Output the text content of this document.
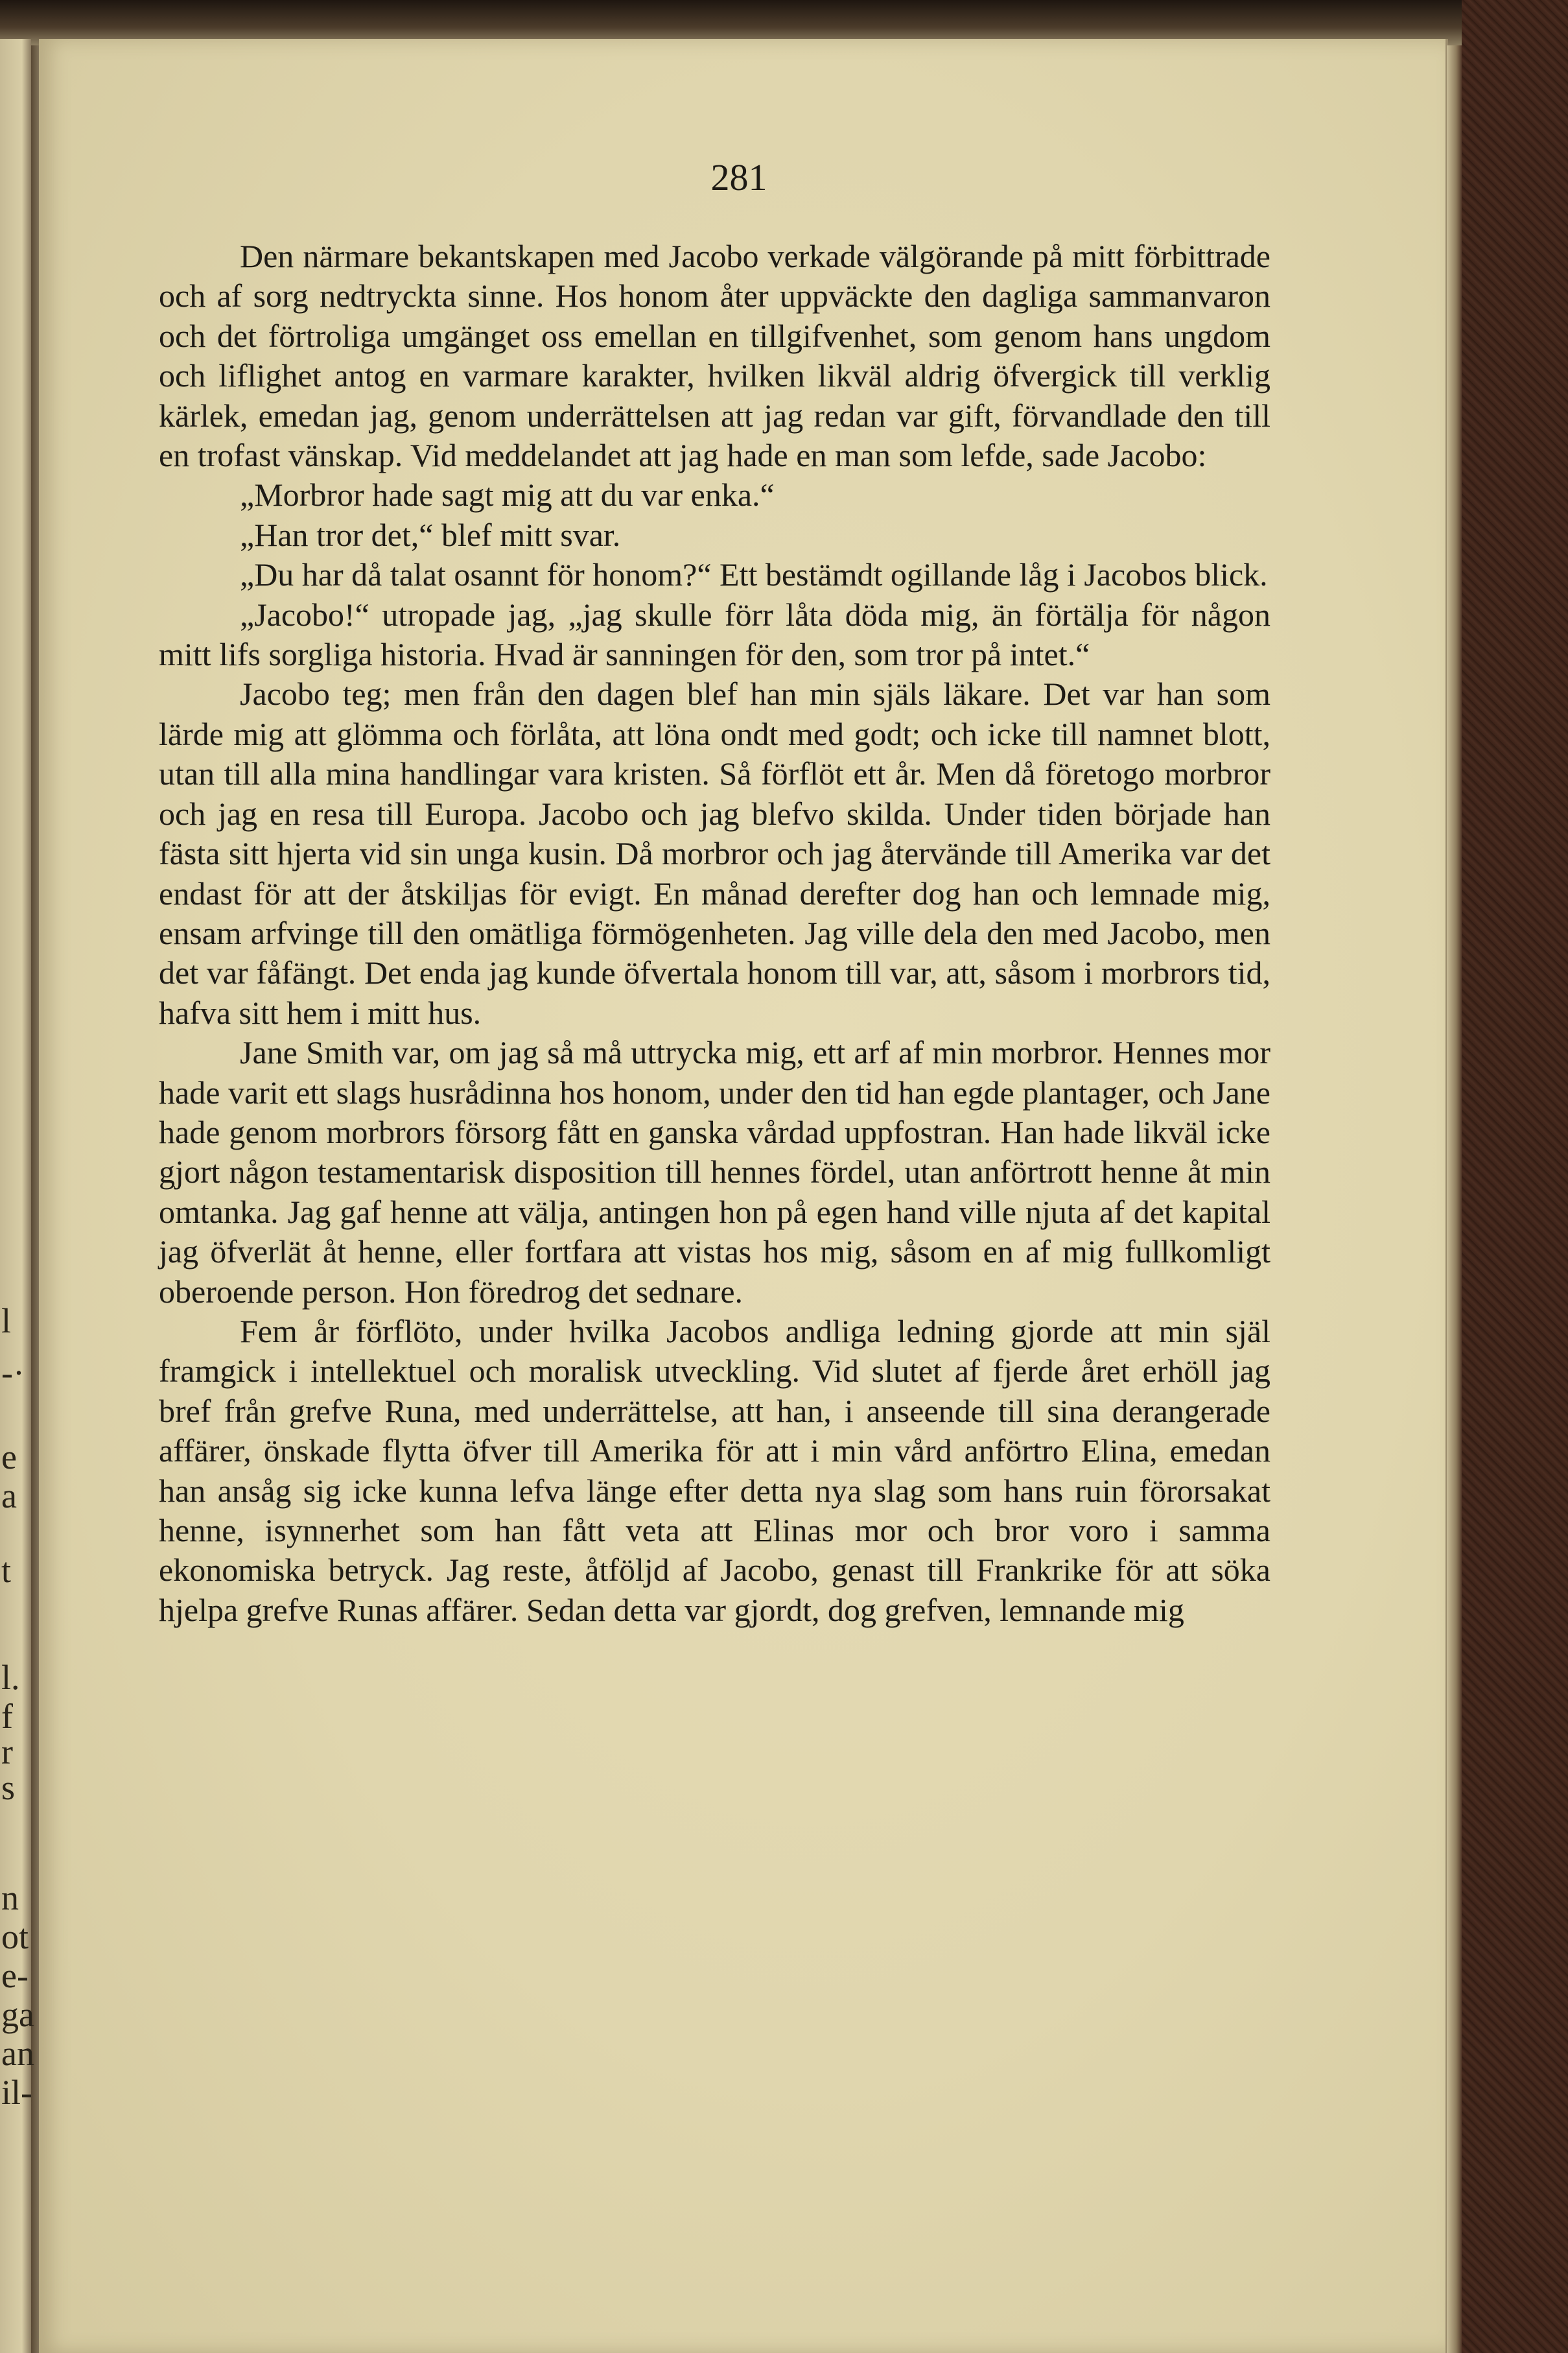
l
-·
e
a
t
l.
f
r
s
n
ot
e-
ga
an
il-
281

Den närmare bekantskapen med Jacobo verkade välgörande på mitt förbittrade och af sorg nedtryckta sinne. Hos honom åter uppväckte den dagliga sammanvaron och det förtroliga umgänget oss emellan en tillgifvenhet, som genom hans ungdom och liflighet antog en varmare karakter, hvilken likväl aldrig öfvergick till verklig kärlek, emedan jag, genom underrättelsen att jag redan var gift, förvandlade den till en trofast vänskap. Vid meddelandet att jag hade en man som lefde, sade Jacobo:

„Morbror hade sagt mig att du var enka.“

„Han tror det,“ blef mitt svar.

„Du har då talat osannt för honom?“ Ett bestämdt ogillande låg i Jacobos blick.

„Jacobo!“ utropade jag, „jag skulle förr låta döda mig, än förtälja för någon mitt lifs sorgliga historia. Hvad är sanningen för den, som tror på intet.“

Jacobo teg; men från den dagen blef han min själs läkare. Det var han som lärde mig att glömma och förlåta, att löna ondt med godt; och icke till namnet blott, utan till alla mina handlingar vara kristen. Så förflöt ett år. Men då företogo morbror och jag en resa till Europa. Jacobo och jag blefvo skilda. Under tiden började han fästa sitt hjerta vid sin unga kusin. Då morbror och jag återvände till Amerika var det endast för att der åtskiljas för evigt. En månad derefter dog han och lemnade mig, ensam arfvinge till den omätliga förmögenheten. Jag ville dela den med Jacobo, men det var fåfängt. Det enda jag kunde öfvertala honom till var, att, såsom i morbrors tid, hafva sitt hem i mitt hus.

Jane Smith var, om jag så må uttrycka mig, ett arf af min morbror. Hennes mor hade varit ett slags husrådinna hos honom, under den tid han egde plantager, och Jane hade genom morbrors försorg fått en ganska vårdad uppfostran. Han hade likväl icke gjort någon testamentarisk disposition till hennes fördel, utan anförtrott henne åt min omtanka. Jag gaf henne att välja, antingen hon på egen hand ville njuta af det kapital jag öfverlät åt henne, eller fortfara att vistas hos mig, såsom en af mig fullkomligt oberoende person. Hon föredrog det sednare.

Fem år förflöto, under hvilka Jacobos andliga ledning gjorde att min själ framgick i intellektuel och moralisk utveckling. Vid slutet af fjerde året erhöll jag bref från grefve Runa, med underrättelse, att han, i anseende till sina derangerade affärer, önskade flytta öfver till Amerika för att i min vård anförtro Elina, emedan han ansåg sig icke kunna lefva länge efter detta nya slag som hans ruin förorsakat henne, isynnerhet som han fått veta att Elinas mor och bror voro i samma ekonomiska betryck. Jag reste, åtföljd af Jacobo, genast till Frankrike för att söka hjelpa grefve Runas affärer. Sedan detta var gjordt, dog grefven, lemnande mig
